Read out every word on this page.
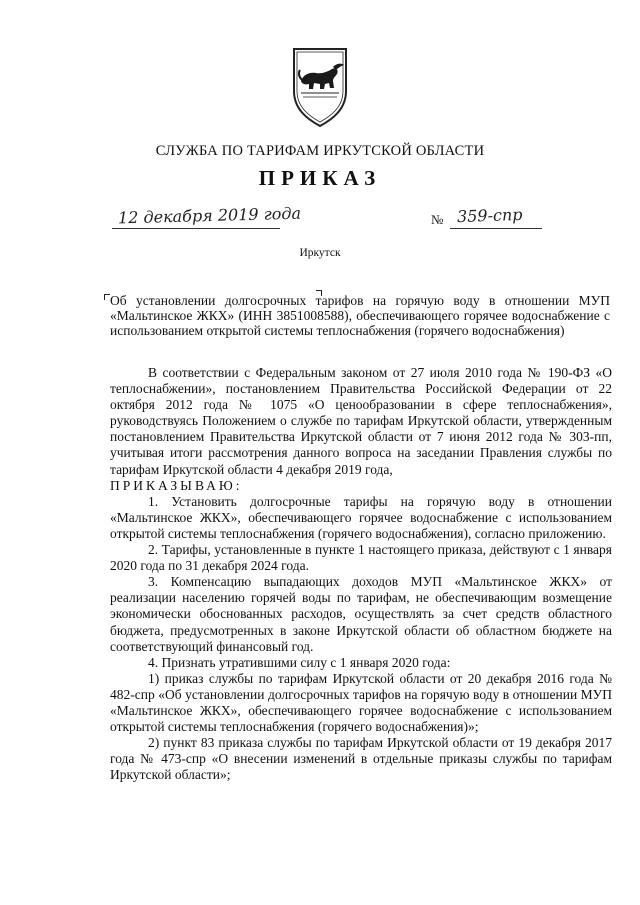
СЛУЖБА ПО ТАРИФАМ ИРКУТСКОЙ ОБЛАСТИ
ПРИКАЗ
12 декабря 2019 года	№ 359-спр
Иркутск
Об установлении долгосрочных тарифов на горячую воду в отношении МУП «Мальтинское ЖКХ» (ИНН 3851008588), обеспечивающего горячее водоснабжение с использованием открытой системы теплоснабжения (горячего водоснабжения)

В соответствии с Федеральным законом от 27 июля 2010 года № 190-ФЗ «О теплоснабжении», постановлением Правительства Российской Федерации от 22 октября 2012 года № 1075 «О ценообразовании в сфере теплоснабжения», руководствуясь Положением о службе по тарифам Иркутской области, утвержденным постановлением Правительства Иркутской области от 7 июня 2012 года № 303-пп, учитывая итоги рассмотрения данного вопроса на заседании Правления службы по тарифам Иркутской области 4 декабря 2019 года,

ПРИКАЗЫВАЮ:

1. Установить долгосрочные тарифы на горячую воду в отношении «Мальтинское ЖКХ», обеспечивающего горячее водоснабжение с использованием открытой системы теплоснабжения (горячего водоснабжения), согласно приложению.

2. Тарифы, установленные в пункте 1 настоящего приказа, действуют с 1 января 2020 года по 31 декабря 2024 года.

3. Компенсацию выпадающих доходов МУП «Мальтинское ЖКХ» от реализации населению горячей воды по тарифам, не обеспечивающим возмещение экономически обоснованных расходов, осуществлять за счет средств областного бюджета, предусмотренных в законе Иркутской области об областном бюджете на соответствующий финансовый год.

4. Признать утратившими силу с 1 января 2020 года:

1) приказ службы по тарифам Иркутской области от 20 декабря 2016 года № 482-спр «Об установлении долгосрочных тарифов на горячую воду в отношении МУП «Мальтинское ЖКХ», обеспечивающего горячее водоснабжение с использованием открытой системы теплоснабжения (горячего водоснабжения)»;

2) пункт 83 приказа службы по тарифам Иркутской области от 19 декабря 2017 года № 473-спр «О внесении изменений в отдельные приказы службы по тарифам Иркутской области»;
